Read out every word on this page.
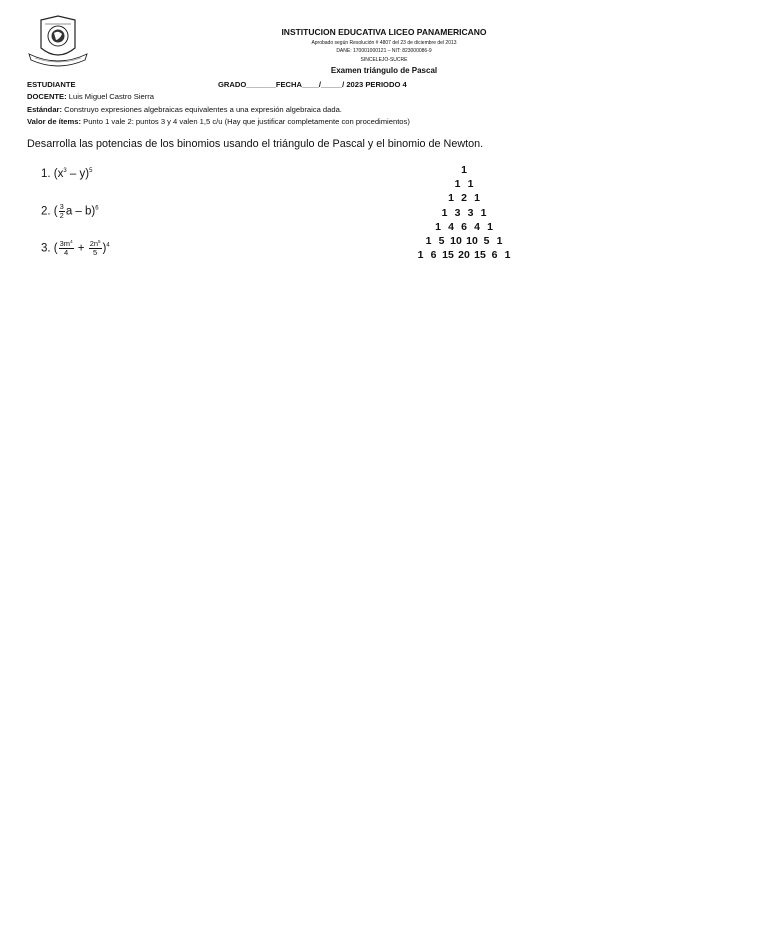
INSTITUCION EDUCATIVA LICEO PANAMERICANO
Aprobado según Resolución # 4807 del 23 de diciembre del 2013
DANE: 170001000121 – NIT: 823000086-9
SINCELEJO-SUCRE
Examen triángulo de Pascal
ESTUDIANTE	GRADO_______FECHA____/_____/ 2023 PERIODO 4
DOCENTE: Luis Miguel Castro Sierra
Estándar: Construyo expresiones algebraicas equivalentes a una expresión algebraica dada.
Valor de ítems: Punto 1 vale 2: puntos 3 y 4 valen 1,5 c/u (Hay que justificar completamente con procedimientos)
Desarrolla las potencias de los binomios usando el triángulo de Pascal y el binomio de Newton.
1. $(x^3 - y)^5$
2. ( $\frac{3}{2}$ a – b)$^6$
3. ( $\frac{3m^4}{4} + \frac{2n^5}{5} )^4$
1
1 1
1 2 1
1 3 3 1
1 4 6 4 1
1 5 10 10 5 1
1 6 15 20 15 6 1
